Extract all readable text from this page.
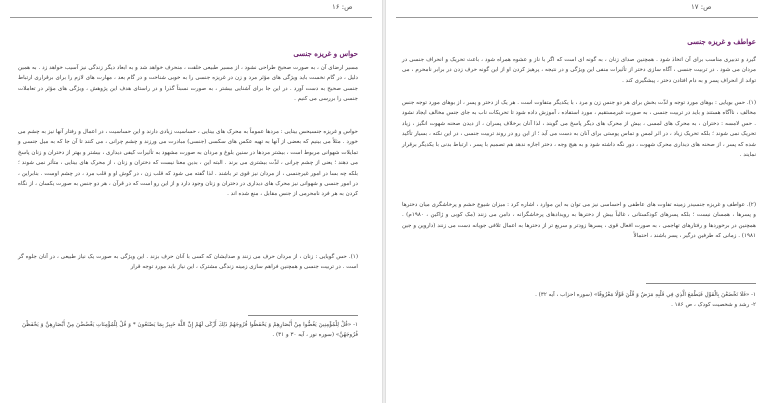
ص: ۱۶
حواس و غریزه جنسی
مسیر ارضای آن ، به صورت صحیح طراحی نشود ، از مسیر طبیعی خلقت ، منحرف خواهد شد و به ابعاد دیگر زندگی نیز آسیب خواهد زد . به همین دلیل ، در گام نخست باید ویژگی های مؤثر مرد و زن در غریزه جنسی را به خوبی شناخت و در گام بعد ، مهارت های لازم را برای برقراری ارتباط جنسی صحیح به دست آورد . در این جا برای آشنایی بیشتر ، به صورت نسبتاً گذرا و در راستای هدف این پژوهش ، ویژگی های مؤثر در تعاملات جنسی را بررسی می کنیم .
حواس و غریزه جنسیحس بینایی : مردها عموماً به محرک های بینایی ، حساسیت زیادی دارند و این حساسیت ، در اعمال و رفتار آنها نیز به چشم می خورد . مثلاً می بینیم که بعضی از آنها به تهیه عکس های سکسی (جنسی) مبادرت می ورزند و چشم چرانی ، می کنند تا آن جا که به میل جنسی و تمایلات شهوانی مربوط است ، بیشتر مردها در سنین بلوغ و مردان به صورت مشهود به تأثیرات کیفی دیداری ، بیشتر و بهتر از دختران و زنان پاسخ می دهند ؛ یعنی از چشم چرانی ، لذّت بیشتری می برند . البته این ، بدین معنا نیست که دختران و زنان ، از محرک های بینایی ، متأثر نمی شوند ؛ بلکه چه بسا در امور غیرجنسی ، از مردان نیز قوی تر باشند . لذا گفته می شود که قلب زن ، در گوش او و قلب مرد ، در چشم اوست . بنابراین ، در امور جنسی و شهوانی نیز محرک های دیداری در دختران و زنان وجود دارد و از این رو است که در قرآن ، هر دو جنس به صورت یکسان ، از نگاه کردن به هر فرد نامحرمی از جنس مقابل ، منع شده اند .
(۱). حس گویایی : زنان ، از مردان حرف می زنند و صدایشان که کسی با آنان حرف بزند . این ویژگی به صورت یک نیاز طبیعی ، در آنان جلوه گر است . در تربیت جنسی و همچنین فراهم سازی زمینه زندگی مشترک ، این نیاز باید مورد توجه قرار

۱- «قُلْ لِلْمُؤْمِنِينَ يَغُضُّوا مِنْ أَبْصَارِهِمْ وَ يَحْفَظُوا فُرُوجَهُمْ ذَلِكَ أَزْكَى لَهُمْ إِنَّ اللَّهَ خَبِيرٌ بِمَا يَصْنَعُونَ * وَ قُلْ لِلْمُؤْمِنَاتِ يَغْضُضْنَ مِنْ أَبْصَارِهِنَّ وَ يَحْفَظْنَ فُرُوجَهُنَّ» (سوره نور ، آیه ۳۰ و ۳۱) .

ص: ۱۷
عواطف و غریزه جنسی
گیرد و تدبیری مناسب برای آن اتخاذ شود . همچنین صدای زنان ، به گونه ای است که اگر با ناز و عشوه همراه شود ، باعث تحریک و انحراف جنسی در مردان می شود . در تربیت جنسی ، آگاه سازی دختر از تأثیرات منفی این ویژگی و در نتیجه ، پرهیز کردن او از این گونه حرف زدن در برابر نامحرم ، می تواند از انحراف پسر و به دام افتادن دختر ، پیشگیری کند .
(۱). حس بویایی : بوهای مورد توجه و لذّت بخش برای هر دو جنس زن و مرد ، با یکدیگر متفاوت است . هر یک از دختر و پسر ، از بوهای مورد توجه جنس مخالف ، ناآگاه هستند و باید در تربیت جنسی ، به صورت غیرمستقیم ، مورد استفاده ، آموزش داده شود تا تحریکات ناب به جای جنس مخالف ایجاد نشود . حس لامسه : دختران ، به محرک های لمسی ، بیش از محرک های دیگر پاسخ می گویند ، لذا آنان برخلاف پسران ، از دیدن صحنه شهوت انگیز ، زیاد تحریک نمی شوند ؛ بلکه تحریک زیاد ، در اثر لمس و تماس پوستی برای آنان به دست می آید ؛ از این رو در روند تربیت جنسی ، در این نکته ، بسیار تأکید شده که پسر ، از صحنه های دیداری محرک شهوت ، دور نگه داشته شود و به هیچ وجه ، دختر اجازه ندهد هم تصمیم با پسر ، ارتباط بدنی با یکدیگر برقرار نمایند .
(۲). عواطف و غریزه جنسیدر زمینه تفاوت های عاطفی و احساسی نیز می توان به این موارد ، اشاره کرد : میزان شیوع خشم و پرخاشگری میان دخترها و پسرها ، همسان نیست ؛ بلکه پسرهای کودکستانی ، غالباً بیش از دخترها به رویدادهای پرخاشگرانه ، دامن می زنند (مک کوبی و ژاکین ، ۱۹۸۰م) . همچنین در برخوردها و رفتارهای تهاجمی ، به صورت افعال قوی ، پسرها زودتر و سریع تر از دخترها به اعمال تلافی جویانه دست می زنند (داروین و جین ۱۹۸۱) . زمانی که طرفین درگیر ، پسر باشند ، احتمالاً

۱- «فَلَا تَخْضَعْنَ بِالْقَوْلِ فَيَطْمَعَ الَّذِي فِي قَلْبِهِ مَرَضٌ وَ قُلْنَ قَوْلًا مَعْرُوفًا» (سوره احزاب ، آیه ۳۲) .

۲- رشد و شخصیت کودک ، ص ۱۸۶ .
